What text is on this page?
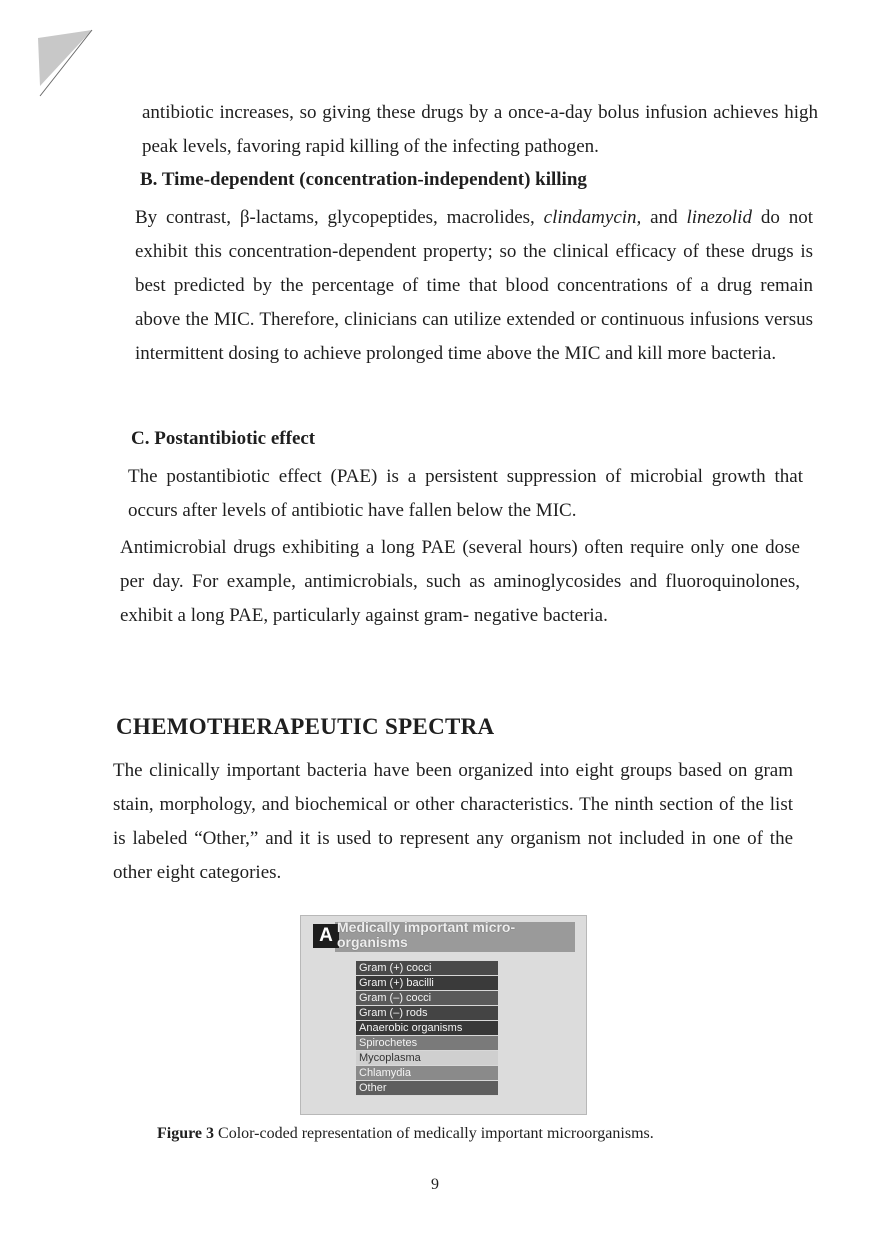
antibiotic increases, so giving these drugs by a once-a-day bolus infusion achieves high peak levels, favoring rapid killing of the infecting pathogen.

B. Time-dependent (concentration-independent) killing

By contrast, β-lactams, glycopeptides, macrolides, clindamycin, and linezolid do not exhibit this concentration-dependent property; so the clinical efficacy of these drugs is best predicted by the percentage of time that blood concentrations of a drug remain above the MIC. Therefore, clinicians can utilize extended or continuous infusions versus intermittent dosing to achieve prolonged time above the MIC and kill more bacteria.

C. Postantibiotic effect

The postantibiotic effect (PAE) is a persistent suppression of microbial growth that occurs after levels of antibiotic have fallen below the MIC.

Antimicrobial drugs exhibiting a long PAE (several hours) often require only one dose per day. For example, antimicrobials, such as aminoglycosides and fluoroquinolones, exhibit a long PAE, particularly against gram- negative bacteria.

CHEMOTHERAPEUTIC SPECTRA

The clinically important bacteria have been organized into eight groups based on gram stain, morphology, and biochemical or other characteristics. The ninth section of the list is labeled “Other,” and it is used to represent any organism not included in one of the other eight categories.

A Medically important micro-organisms
Gram (+) cocci
Gram (+) bacilli
Gram (–) cocci
Gram (–) rods
Anaerobic organisms
Spirochetes
Mycoplasma
Chlamydia
Other

Figure 3 Color-coded representation of medically important microorganisms.

9
